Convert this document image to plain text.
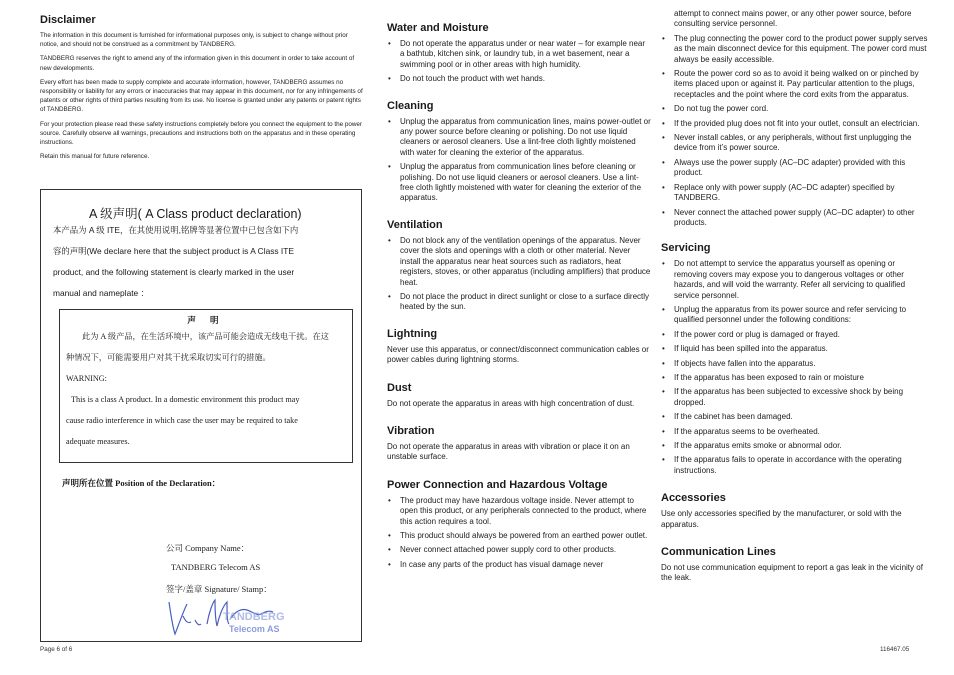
Disclaimer

The information in this document is furnished for informational purposes only, is subject to change without prior notice, and should not be construed as a commitment by TANDBERG.

TANDBERG reserves the right to amend any of the information given in this document in order to take account of new developments.

Every effort has been made to supply complete and accurate information, however, TANDBERG assumes no responsibility or liability for any errors or inaccuracies that may appear in this document, nor for any infringements of patents or other rights of third parties resulting from its use. No license is granted under any patents or patent rights of TANDBERG.

For your protection please read these safety instructions completely before you connect the equipment to the power source. Carefully observe all warnings, precautions and instructions both on the apparatus and in these operating instructions.

Retain this manual for future reference.

A 级声明( A Class product declaration)
本产品为 A 级 ITE，在其使用说明,铭牌等显著位置中已包含如下内
容的声明(We declare here that the subject product is A Class ITE
product, and the following statement is clearly marked in the user
manual and nameplate ：
声 明
此为 A 级产品，在生活环境中，该产品可能会造成无线电干扰。在这
种情况下，可能需要用户对其干扰采取切实可行的措施。
WARNING:
This is a class A product. In a domestic environment this product may
cause radio interference in which case the user may be required to take
adequate measures.
声明所在位置 Position of the Declaration：
公司 Company Name：
TANDBERG Telecom AS
签字/盖章 Signature/ Stamp：
TANDBERG
Telecom AS
Water and Moisture
• Do not operate the apparatus under or near water – for example near a bathtub, kitchen sink, or laundry tub, in a wet basement, near a swimming pool or in other areas with high humidity.
• Do not touch the product with wet hands.
Cleaning
• Unplug the apparatus from communication lines, mains power-outlet or any power source before cleaning or polishing. Do not use liquid cleaners or aerosol cleaners. Use a lint-free cloth lightly moistened with water for cleaning the exterior of the apparatus.
• Unplug the apparatus from communication lines before cleaning or polishing. Do not use liquid cleaners or aerosol cleaners. Use a lint-free cloth lightly moistened with water for cleaning the exterior of the apparatus.
Ventilation
• Do not block any of the ventilation openings of the apparatus. Never cover the slots and openings with a cloth or other material. Never install the apparatus near heat sources such as radiators, heat registers, stoves, or other apparatus (including amplifiers) that produce heat.
• Do not place the product in direct sunlight or close to a surface directly heated by the sun.
Lightning

Never use this apparatus, or connect/disconnect communication cables or power cables during lightning storms.

Dust

Do not operate the apparatus in areas with high concentration of dust.

Vibration

Do not operate the apparatus in areas with vibration or place it on an unstable surface.

Power Connection and Hazardous Voltage
• The product may have hazardous voltage inside. Never attempt to open this product, or any peripherals connected to the product, where this action requires a tool.
• This product should always be powered from an earthed power outlet.
• Never connect attached power supply cord to other products.
• In case any parts of the product has visual damage never

attempt to connect mains power, or any other power source, before consulting service personnel.

• The plug connecting the power cord to the product power supply serves as the main disconnect device for this equipment. The power cord must always be easily accessible.
• Route the power cord so as to avoid it being walked on or pinched by items placed upon or against it. Pay particular attention to the plugs, receptacles and the point where the cord exits from the apparatus.
• Do not tug the power cord.
• If the provided plug does not fit into your outlet, consult an electrician.
• Never install cables, or any peripherals, without first unplugging the device from it’s power source.
• Always use the power supply (AC–DC adapter) provided with this product.
• Replace only with power supply (AC–DC adapter) specified by TANDBERG.
• Never connect the attached power supply (AC–DC adapter) to other products.
Servicing
• Do not attempt to service the apparatus yourself as opening or removing covers may expose you to dangerous voltages or other hazards, and will void the warranty. Refer all servicing to qualified service personnel.
• Unplug the apparatus from its power source and refer servicing to qualified personnel under the following conditions:
• If the power cord or plug is damaged or frayed.
• If liquid has been spilled into the apparatus.
• If objects have fallen into the apparatus.
• If the apparatus has been exposed to rain or moisture
• If the apparatus has been subjected to excessive shock by being dropped.
• If the cabinet has been damaged.
• If the apparatus seems to be overheated.
• If the apparatus emits smoke or abnormal odor.
• If the apparatus fails to operate in accordance with the operating instructions.
Accessories

Use only accessories specified by the manufacturer, or sold with the apparatus.

Communication Lines

Do not use communication equipment to report a gas leak in the vicinity of the leak.

Page 6 of 6	116467.05
